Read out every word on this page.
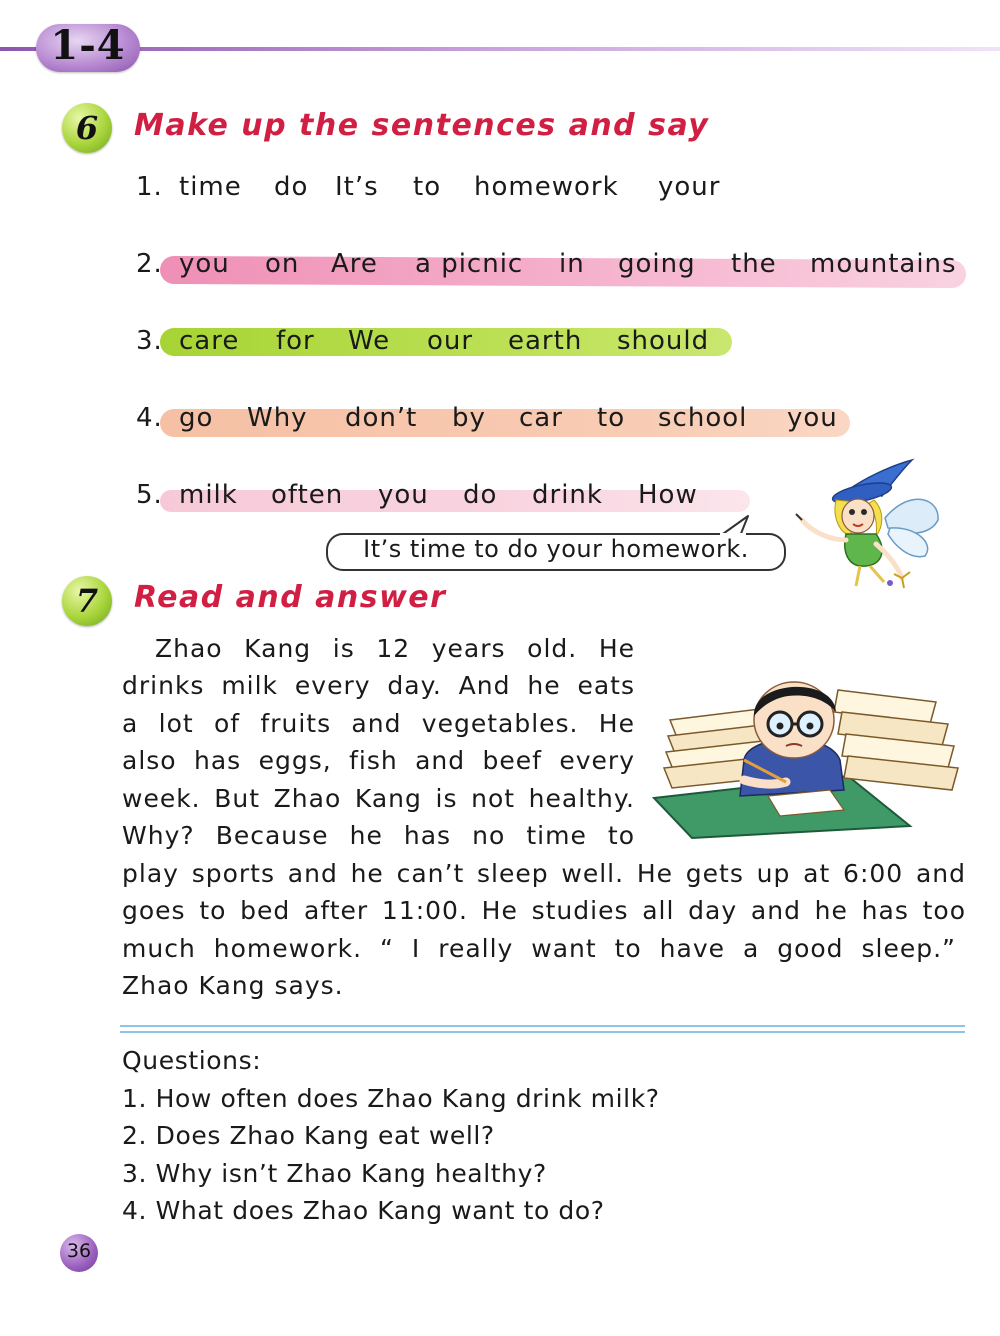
1-4
6	Make up the sentences and say
1. time do It’s to homework your
2. you on Are a picnic in going the mountains
3. care for We our earth should
4. go Why don’t by car to school you
5. milk often you do drink How
It’s time to do your homework.
7	Read and answer
Zhao Kang is 12 years old. He
drinks milk every day. And he eats
a lot of fruits and vegetables. He
also has eggs, fish and beef every
week. But Zhao Kang is not healthy.
Why? Because he has no time to
play sports and he can’t sleep well. He gets up at 6:00 and
goes to bed after 11:00. He studies all day and he has too
much homework. “ I really want to have a good sleep.”
Zhao Kang says.
Questions:
1. How often does Zhao Kang drink milk?
2. Does Zhao Kang eat well?
3. Why isn’t Zhao Kang healthy?
4. What does Zhao Kang want to do?
36
